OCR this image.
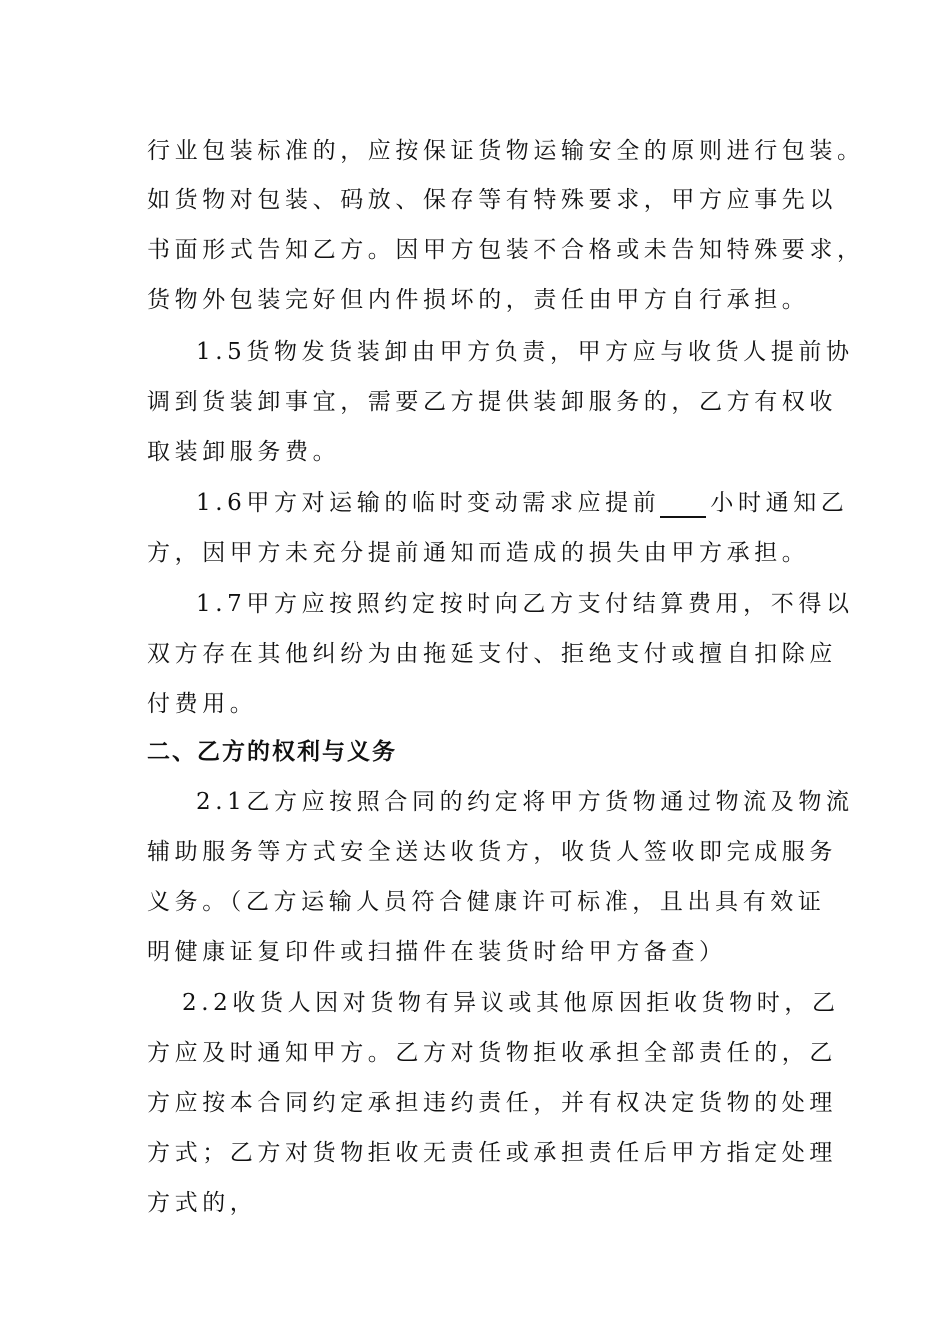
行业包装标准的，应按保证货物运输安全的原则进行包装。
如货物对包装、码放、保存等有特殊要求，甲方应事先以
书面形式告知乙方。因甲方包装不合格或未告知特殊要求，
货物外包装完好但内件损坏的，责任由甲方自行承担。
1.5货物发货装卸由甲方负责，甲方应与收货人提前协
调到货装卸事宜，需要乙方提供装卸服务的，乙方有权收
取装卸服务费。
1.6甲方对运输的临时变动需求应提前 小时通知乙
方，因甲方未充分提前通知而造成的损失由甲方承担。
1.7甲方应按照约定按时向乙方支付结算费用，不得以
双方存在其他纠纷为由拖延支付、拒绝支付或擅自扣除应
付费用。
二、乙方的权利与义务
2.1乙方应按照合同的约定将甲方货物通过物流及物流
辅助服务等方式安全送达收货方，收货人签收即完成服务
义务。（乙方运输人员符合健康许可标准，且出具有效证
明健康证复印件或扫描件在装货时给甲方备查）
2.2收货人因对货物有异议或其他原因拒收货物时，乙
方应及时通知甲方。乙方对货物拒收承担全部责任的，乙
方应按本合同约定承担违约责任，并有权决定货物的处理
方式；乙方对货物拒收无责任或承担责任后甲方指定处理
方式的，
